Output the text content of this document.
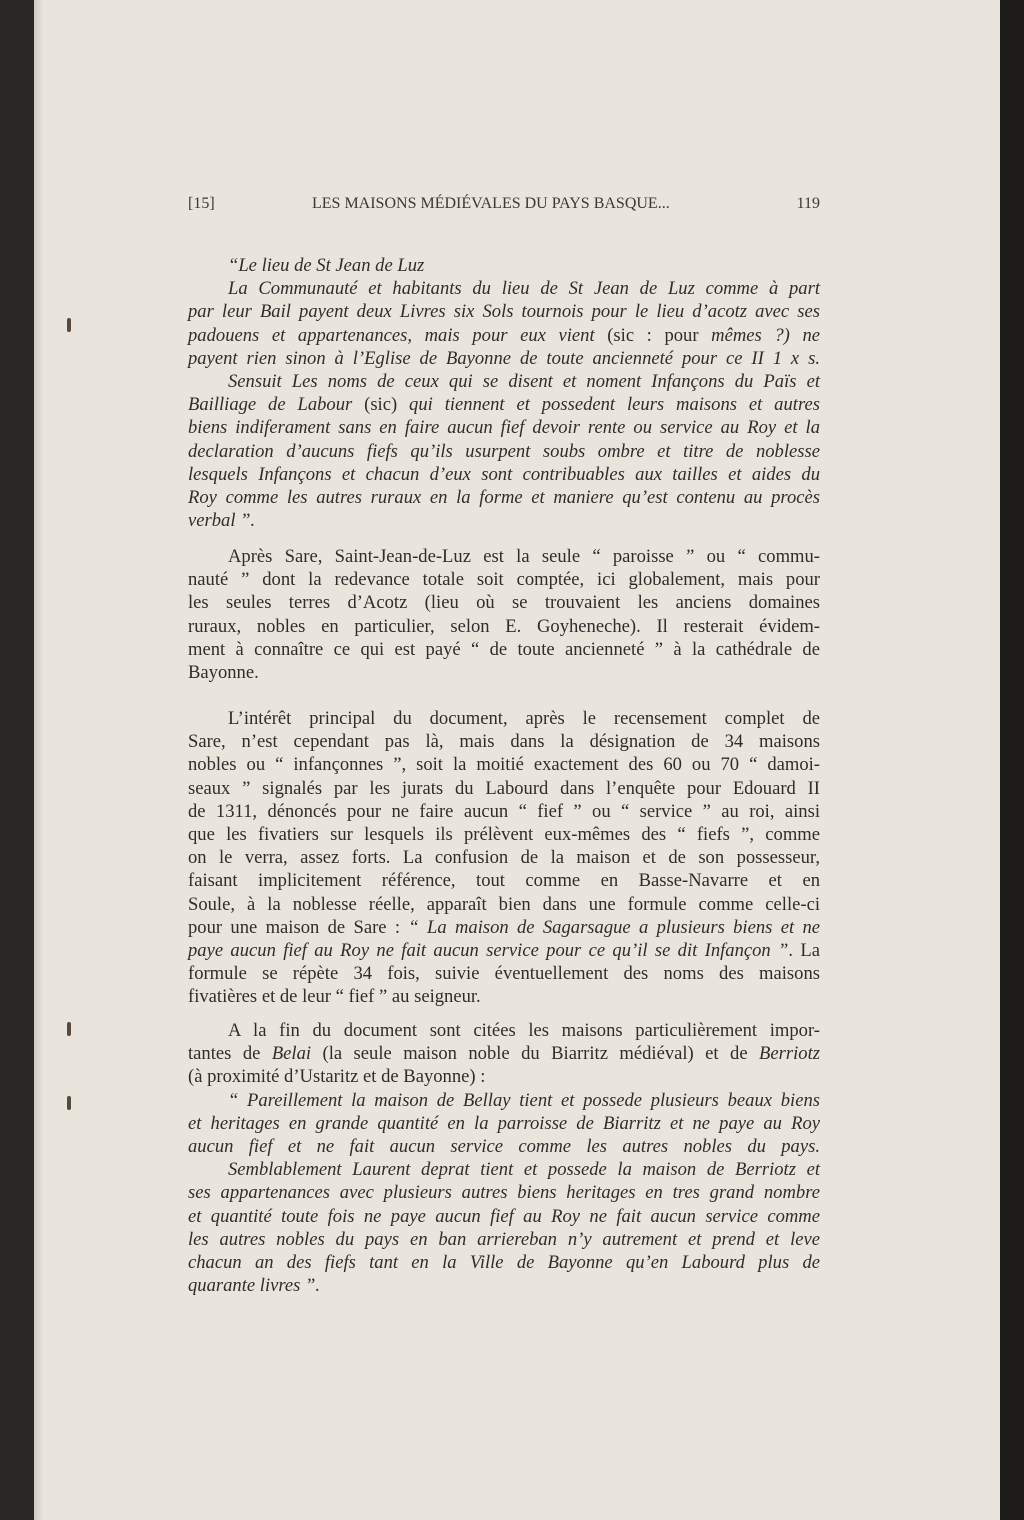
[15]	LES MAISONS MÉDIÉVALES DU PAYS BASQUE...	119
“Le lieu de St Jean de Luz
La Communauté et habitants du lieu de St Jean de Luz comme à part
par leur Bail payent deux Livres six Sols tournois pour le lieu d’acotz avec ses
padouens et appartenances, mais pour eux vient (sic : pour mêmes ?) ne
payent rien sinon à l’Eglise de Bayonne de toute ancienneté pour ce II 1 x s.
Sensuit Les noms de ceux qui se disent et noment Infançons du Païs et
Bailliage de Labour (sic) qui tiennent et possedent leurs maisons et autres
biens indiferament sans en faire aucun fief devoir rente ou service au Roy et la
declaration d’aucuns fiefs qu’ils usurpent soubs ombre et titre de noblesse
lesquels Infançons et chacun d’eux sont contribuables aux tailles et aides du
Roy comme les autres ruraux en la forme et maniere qu’est contenu au procès
verbal ”.
Après Sare, Saint-Jean-de-Luz est la seule “ paroisse ” ou “ commu-
nauté ” dont la redevance totale soit comptée, ici globalement, mais pour
les seules terres d’Acotz (lieu où se trouvaient les anciens domaines
ruraux, nobles en particulier, selon E. Goyheneche). Il resterait évidem-
ment à connaître ce qui est payé “ de toute ancienneté ” à la cathédrale de
Bayonne.
L’intérêt principal du document, après le recensement complet de
Sare, n’est cependant pas là, mais dans la désignation de 34 maisons
nobles ou “ infançonnes ”, soit la moitié exactement des 60 ou 70 “ damoi-
seaux ” signalés par les jurats du Labourd dans l’enquête pour Edouard II
de 1311, dénoncés pour ne faire aucun “ fief ” ou “ service ” au roi, ainsi
que les fivatiers sur lesquels ils prélèvent eux-mêmes des “ fiefs ”, comme
on le verra, assez forts. La confusion de la maison et de son possesseur,
faisant implicitement référence, tout comme en Basse-Navarre et en
Soule, à la noblesse réelle, apparaît bien dans une formule comme celle-ci
pour une maison de Sare : “ La maison de Sagarsague a plusieurs biens et ne
paye aucun fief au Roy ne fait aucun service pour ce qu’il se dit Infançon ”. La
formule se répète 34 fois, suivie éventuellement des noms des maisons
fivatières et de leur “ fief ” au seigneur.
A la fin du document sont citées les maisons particulièrement impor-
tantes de Belai (la seule maison noble du Biarritz médiéval) et de Berriotz
(à proximité d’Ustaritz et de Bayonne) :
“ Pareillement la maison de Bellay tient et possede plusieurs beaux biens
et heritages en grande quantité en la parroisse de Biarritz et ne paye au Roy
aucun fief et ne fait aucun service comme les autres nobles du pays.
Semblablement Laurent deprat tient et possede la maison de Berriotz et
ses appartenances avec plusieurs autres biens heritages en tres grand nombre
et quantité toute fois ne paye aucun fief au Roy ne fait aucun service comme
les autres nobles du pays en ban arriereban n’y autrement et prend et leve
chacun an des fiefs tant en la Ville de Bayonne qu’en Labourd plus de
quarante livres ”.
